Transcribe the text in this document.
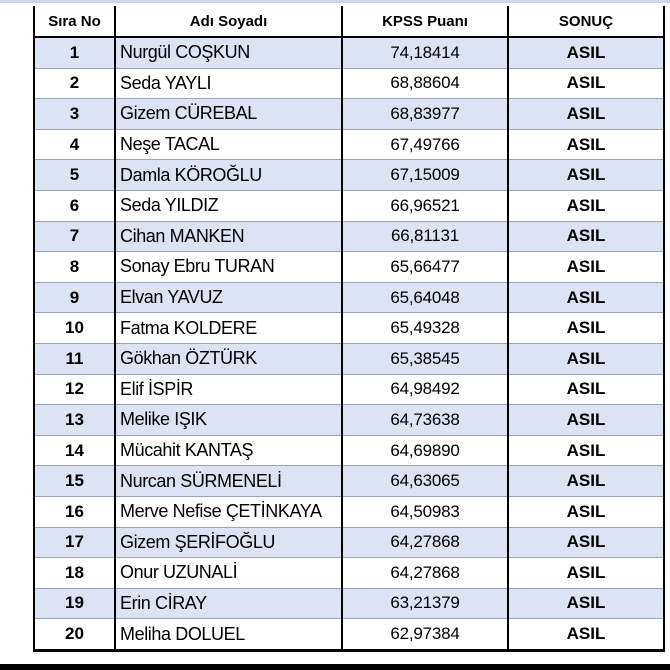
Sıra No	Adı Soyadı	KPSS Puanı	SONUÇ
1	Nurgül COŞKUN	74,18414	ASIL
2	Seda YAYLI	68,88604	ASIL
3	Gizem CÜREBAL	68,83977	ASIL
4	Neşe TACAL	67,49766	ASIL
5	Damla KÖROĞLU	67,15009	ASIL
6	Seda YILDIZ	66,96521	ASIL
7	Cihan MANKEN	66,81131	ASIL
8	Sonay Ebru TURAN	65,66477	ASIL
9	Elvan YAVUZ	65,64048	ASIL
10	Fatma KOLDERE	65,49328	ASIL
11	Gökhan ÖZTÜRK	65,38545	ASIL
12	Elif İSPİR	64,98492	ASIL
13	Melike IŞIK	64,73638	ASIL
14	Mücahit KANTAŞ	64,69890	ASIL
15	Nurcan SÜRMENELİ	64,63065	ASIL
16	Merve Nefise ÇETİNKAYA	64,50983	ASIL
17	Gizem ŞERİFOĞLU	64,27868	ASIL
18	Onur UZUNALİ	64,27868	ASIL
19	Erin CİRAY	63,21379	ASIL
20	Meliha DOLUEL	62,97384	ASIL
